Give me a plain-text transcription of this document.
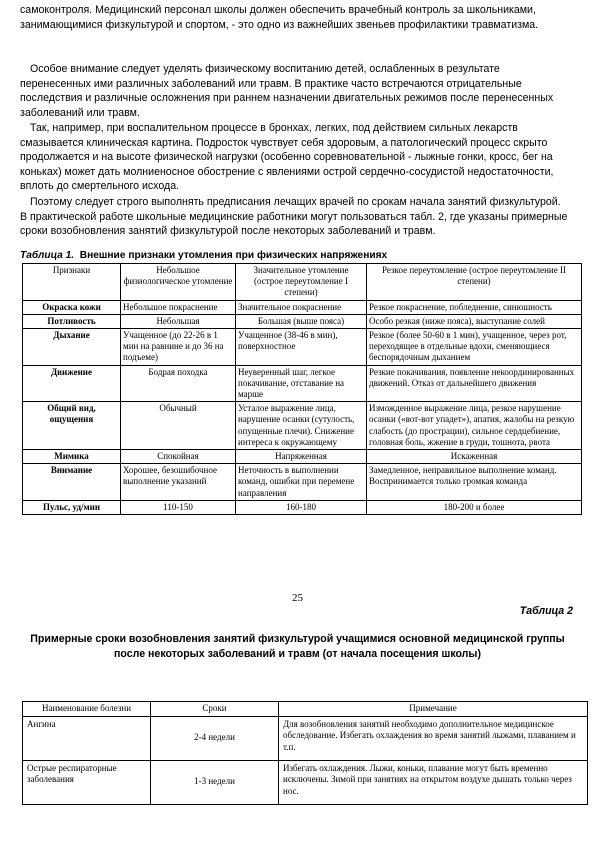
самоконтроля. Медицинский персонал школы должен обеспечить врачебный контроль за школьниками, занимающимися физкультурой и спортом, - это одно из важнейших звеньев профилактики травматизма.

Особое внимание следует уделять физическому воспитанию детей, ослабленных в результате перенесенных ими различных заболеваний или травм. В практике часто встречаются отрицательные последствия и различные осложнения при раннем назначении двигательных режимов после перенесенных заболеваний или травм.

Так, например, при воспалительном процессе в бронхах, легких, под действием сильных лекарств смазывается клиническая картина. Подросток чувствует себя здоровым, а патологический процесс скрыто продолжается и на высоте физической нагрузки (особенно соревновательной - лыжные гонки, кросс, бег на коньках) может дать молниеносное обострение с явлениями острой сердечно-сосудистой недостаточности, вплоть до смертельного исхода.

Поэтому следует строго выполнять предписания лечащих врачей по срокам начала занятий физкультурой. В практической работе школьные медицинские работники могут пользоваться табл. 2, где указаны примерные сроки возобновления занятий физкультурой после некоторых заболеваний и травм.

Таблица 1. Внешние признаки утомления при физических напряжениях
Признаки	Небольшое физиологическое утомление	Значительное утомление (острое переутомление I степени)	Резкое переутомление (острое переутомление II степени)
Окраска кожи	Небольшое покраснение	Значительное покраснение	Резкое покраснение, побледнение, синюшность
Потливость	Небольшая	Большая (выше пояса)	Особо резкая (ниже пояса), выступание солей
Дыхание	Учащенное (до 22-26 в 1 мин на равнине и до 36 на подъеме)	Учащенное (38-46 в мин), поверхностное	Резкое (более 50-60 в 1 мин), учащенное, через рот, переходящее в отдельные вдохи, сменяющиеся беспорядочным дыханием
Движение	Бодрая походка	Неуверенный шаг, легкое покачивание, отставание на марше	Резкие покачивания, появление некоординированных движений. Отказ от дальнейшего движения
Общий вид, ощущения	Обычный	Усталое выражение лица, нарушение осанки (сутулость, опущенные плечи). Снижение интереса к окружающему	Изможденное выражение лица, резкое нарушение осанки («вот-вот упадет»), апатия, жалобы на резкую слабость (до прострации), сильное сердцебиение, головная боль, жжение в груди, тошнота, рвота
Мимика	Спокойная	Напряженная	Искаженная
Внимание	Хорошее, безошибочное выполнение указаний	Неточность в выполнении команд, ошибки при перемене направления	Замедленное, неправильное выполнение команд. Воспринимается только громкая команда
Пульс, уд/мин	110-150	160-180	180-200 и более
25
Таблица 2
Примерные сроки возобновления занятий физкультурой учащимися основной медицинской группы после некоторых заболеваний и травм (от начала посещения школы)
Наименование болезни	Сроки	Примечание
Ангина	2-4 недели	Для возобновления занятий необходимо дополнительное медицинское обследование. Избегать охлаждения во время занятий лыжами, плаванием и т.п.
Острые респираторные заболевания	1-3 недели	Избегать охлаждения. Лыжи, коньки, плавание могут быть временно исключены. Зимой при занятиях на открытом воздухе дышать только через нос.
